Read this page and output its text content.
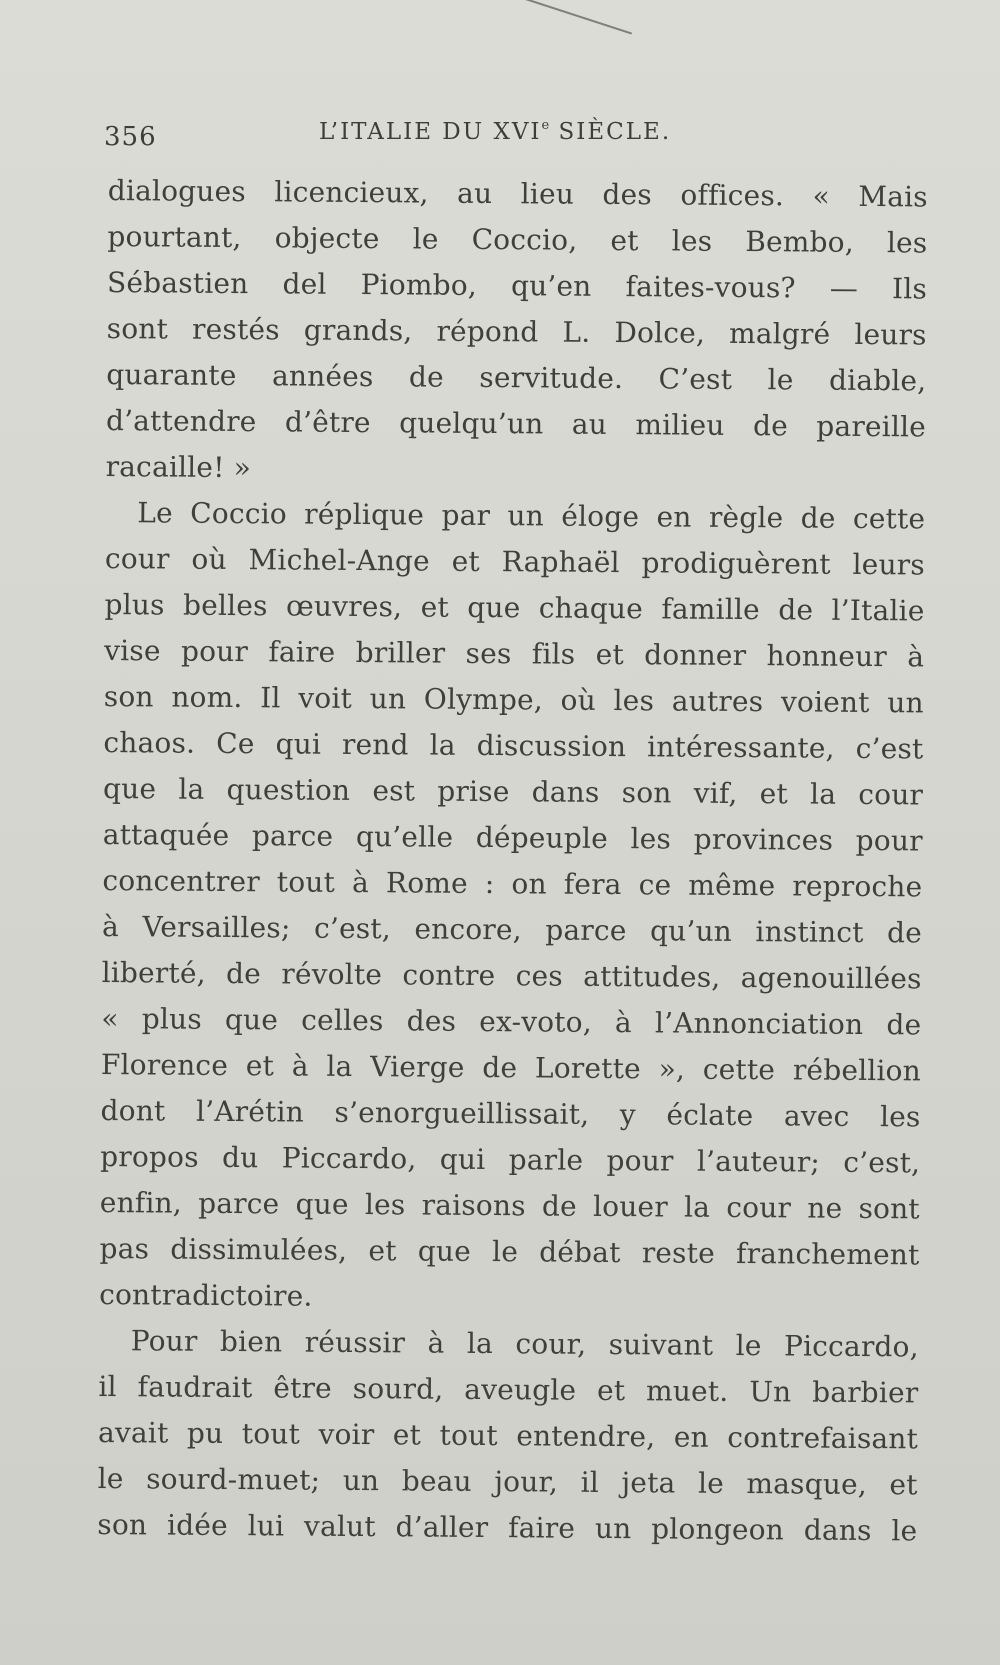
356	L’ITALIE DU XVIe SIÈCLE.
dialogues licencieux, au lieu des offices. « Mais
pourtant, objecte le Coccio, et les Bembo, les
Sébastien del Piombo, qu’en faites-vous? — Ils
sont restés grands, répond L. Dolce, malgré leurs
quarante années de servitude. C’est le diable,
d’attendre d’être quelqu’un au milieu de pareille
racaille! »
Le Coccio réplique par un éloge en règle de cette
cour où Michel-Ange et Raphaël prodiguèrent leurs
plus belles œuvres, et que chaque famille de l’Italie
vise pour faire briller ses fils et donner honneur à
son nom. Il voit un Olympe, où les autres voient un
chaos. Ce qui rend la discussion intéressante, c’est
que la question est prise dans son vif, et la cour
attaquée parce qu’elle dépeuple les provinces pour
concentrer tout à Rome : on fera ce même reproche
à Versailles; c’est, encore, parce qu’un instinct de
liberté, de révolte contre ces attitudes, agenouillées
« plus que celles des ex-voto, à l’Annonciation de
Florence et à la Vierge de Lorette », cette rébellion
dont l’Arétin s’enorgueillissait, y éclate avec les
propos du Piccardo, qui parle pour l’auteur; c’est,
enfin, parce que les raisons de louer la cour ne sont
pas dissimulées, et que le débat reste franchement
contradictoire.
Pour bien réussir à la cour, suivant le Piccardo,
il faudrait être sourd, aveugle et muet. Un barbier
avait pu tout voir et tout entendre, en contrefaisant
le sourd-muet; un beau jour, il jeta le masque, et
son idée lui valut d’aller faire un plongeon dans le
